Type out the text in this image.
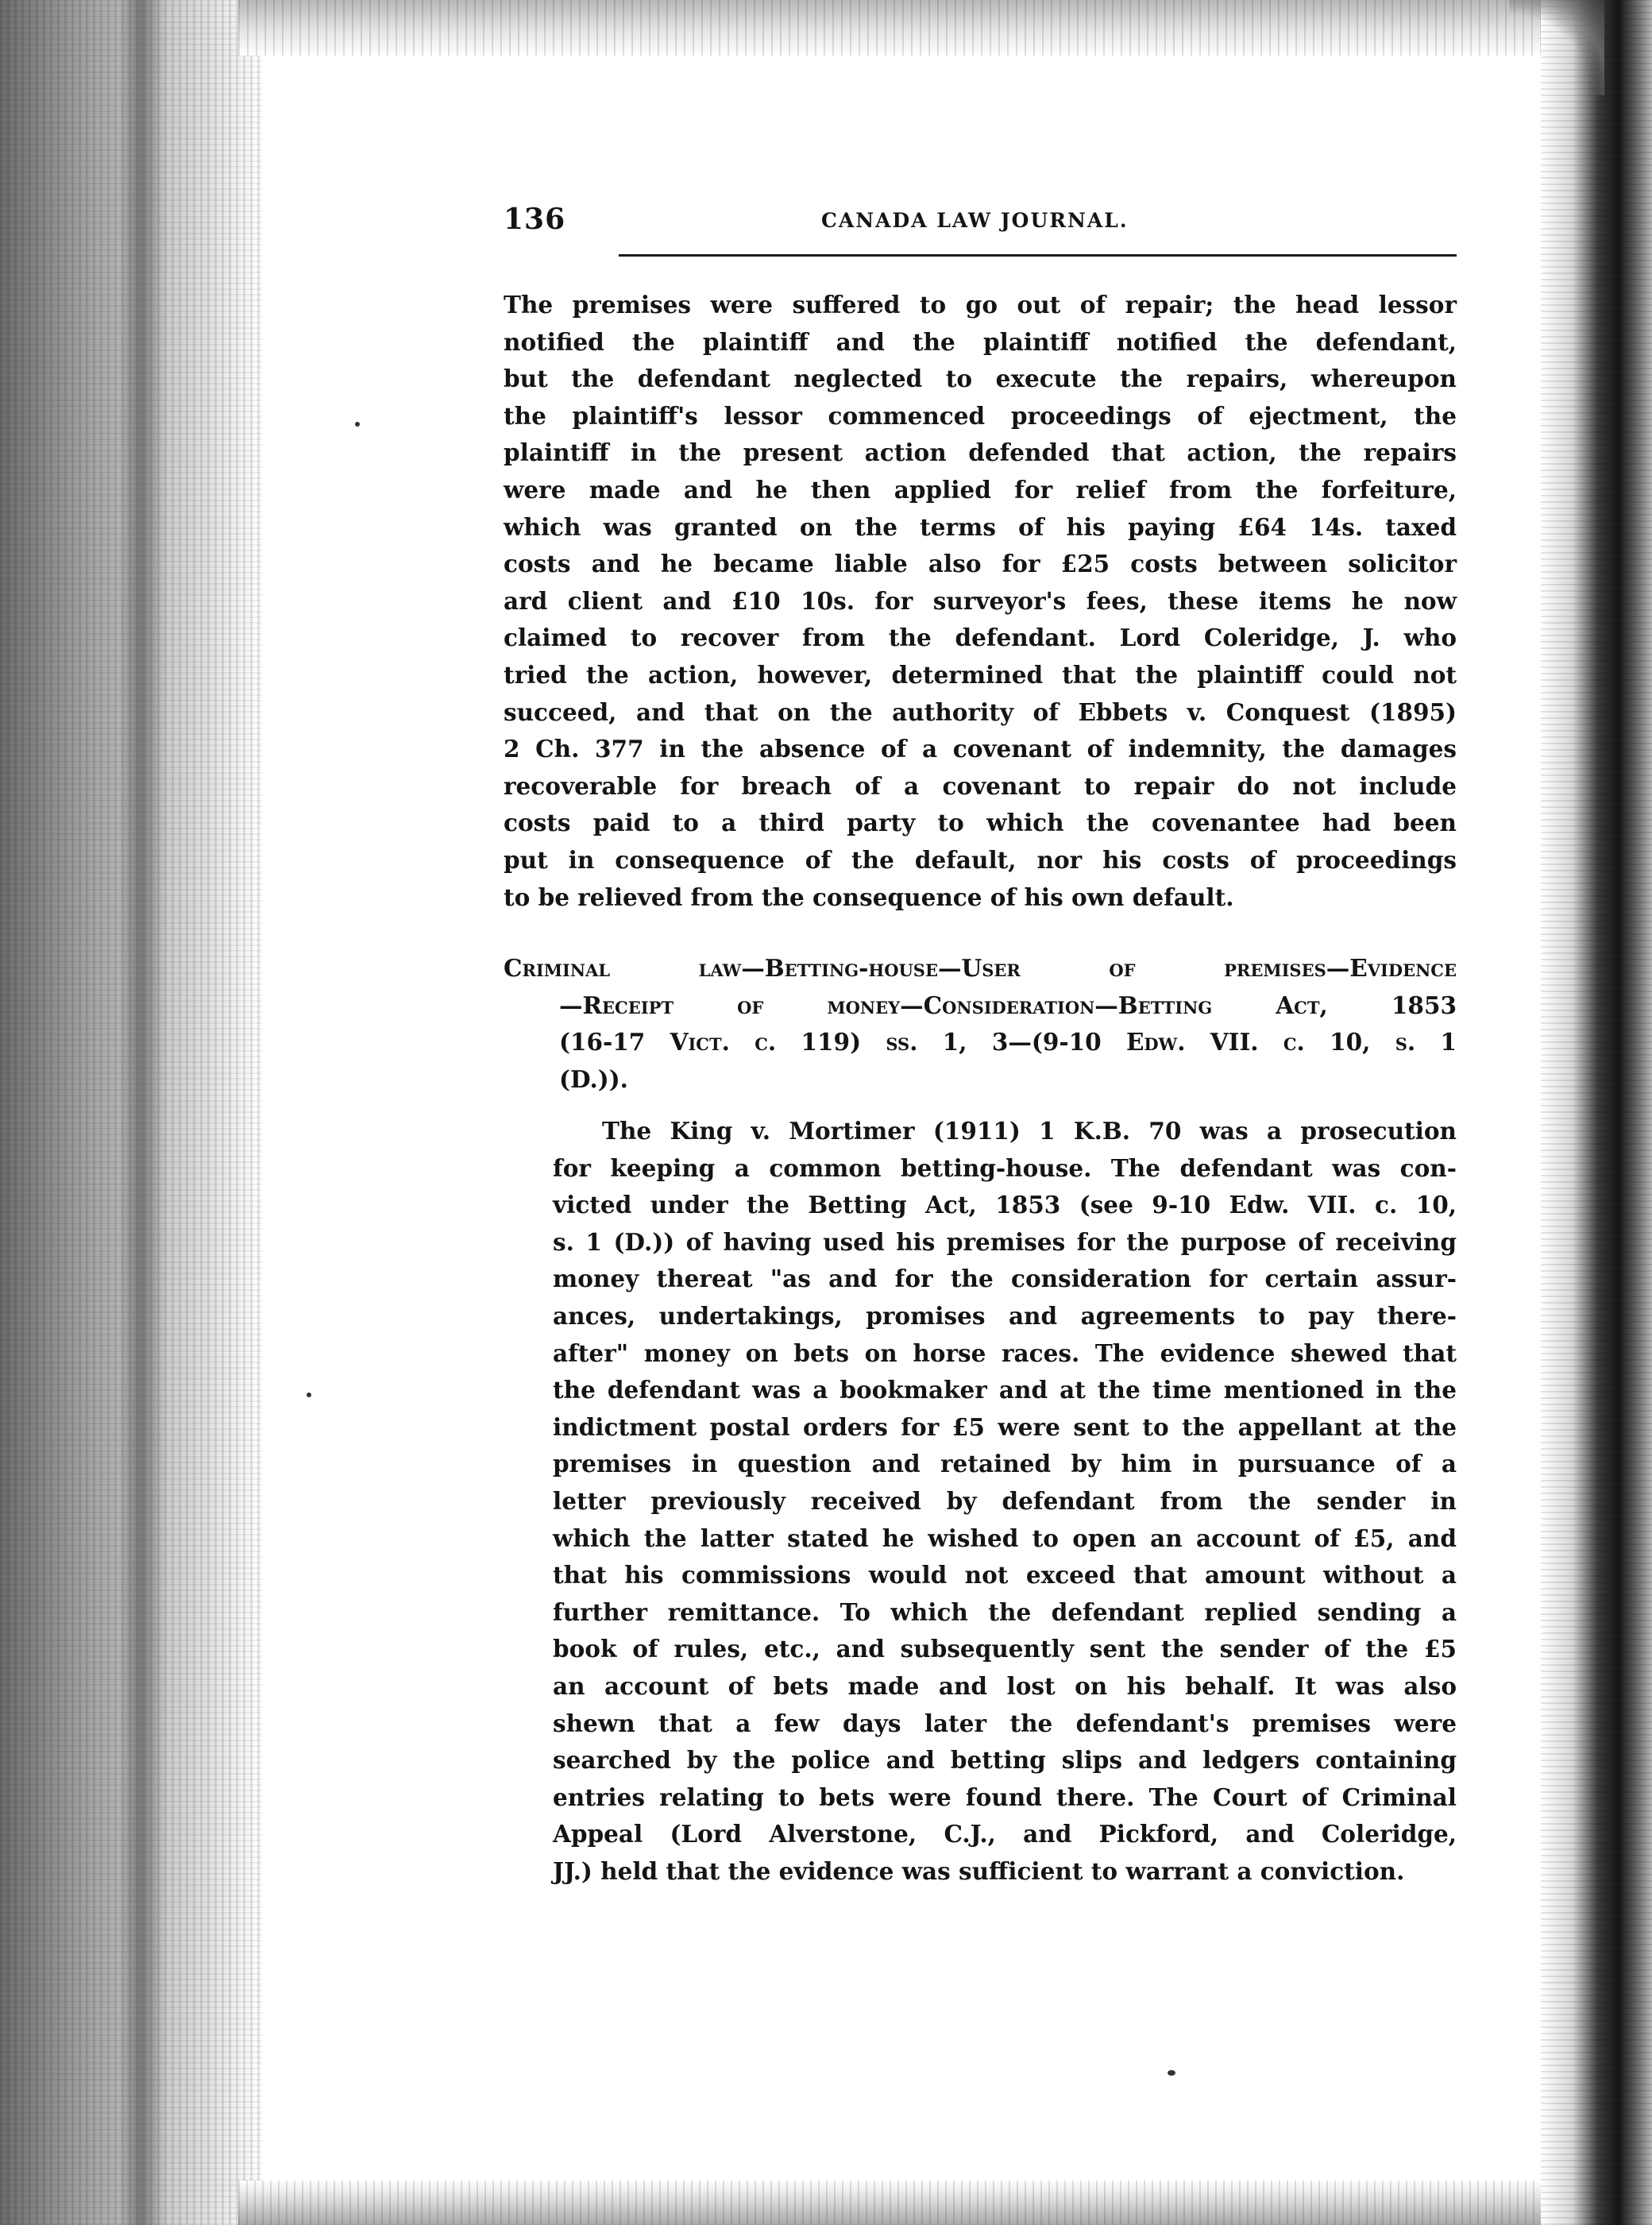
136	CANADA LAW JOURNAL.
The premises were suffered to go out of repair; the head lessor
notified the plaintiff and the plaintiff notified the defendant,
but the defendant neglected to execute the repairs, whereupon
the plaintiff's lessor commenced proceedings of ejectment, the
plaintiff in the present action defended that action, the repairs
were made and he then applied for relief from the forfeiture,
which was granted on the terms of his paying £64 14s. taxed
costs and he became liable also for £25 costs between solicitor
ard client and £10 10s. for surveyor's fees, these items he now
claimed to recover from the defendant. Lord Coleridge, J. who
tried the action, however, determined that the plaintiff could not
succeed, and that on the authority of Ebbets v. Conquest (1895)
2 Ch. 377 in the absence of a covenant of indemnity, the damages
recoverable for breach of a covenant to repair do not include
costs paid to a third party to which the covenantee had been
put in consequence of the default, nor his costs of proceedings
to be relieved from the consequence of his own default.
Criminal law—Betting-house—User of premises—Evidence
—Receipt of money—Consideration—Betting Act, 1853
(16-17 Vict. c. 119) ss. 1, 3—(9-10 Edw. VII. c. 10, s. 1
(D.)).
The King v. Mortimer (1911) 1 K.B. 70 was a prosecution
for keeping a common betting-house. The defendant was con-
victed under the Betting Act, 1853 (see 9-10 Edw. VII. c. 10,
s. 1 (D.)) of having used his premises for the purpose of receiving
money thereat "as and for the consideration for certain assur-
ances, undertakings, promises and agreements to pay there-
after" money on bets on horse races. The evidence shewed that
the defendant was a bookmaker and at the time mentioned in the
indictment postal orders for £5 were sent to the appellant at the
premises in question and retained by him in pursuance of a
letter previously received by defendant from the sender in
which the latter stated he wished to open an account of £5, and
that his commissions would not exceed that amount without a
further remittance. To which the defendant replied sending a
book of rules, etc., and subsequently sent the sender of the £5
an account of bets made and lost on his behalf. It was also
shewn that a few days later the defendant's premises were
searched by the police and betting slips and ledgers containing
entries relating to bets were found there. The Court of Criminal
Appeal (Lord Alverstone, C.J., and Pickford, and Coleridge,
JJ.) held that the evidence was sufficient to warrant a conviction.
